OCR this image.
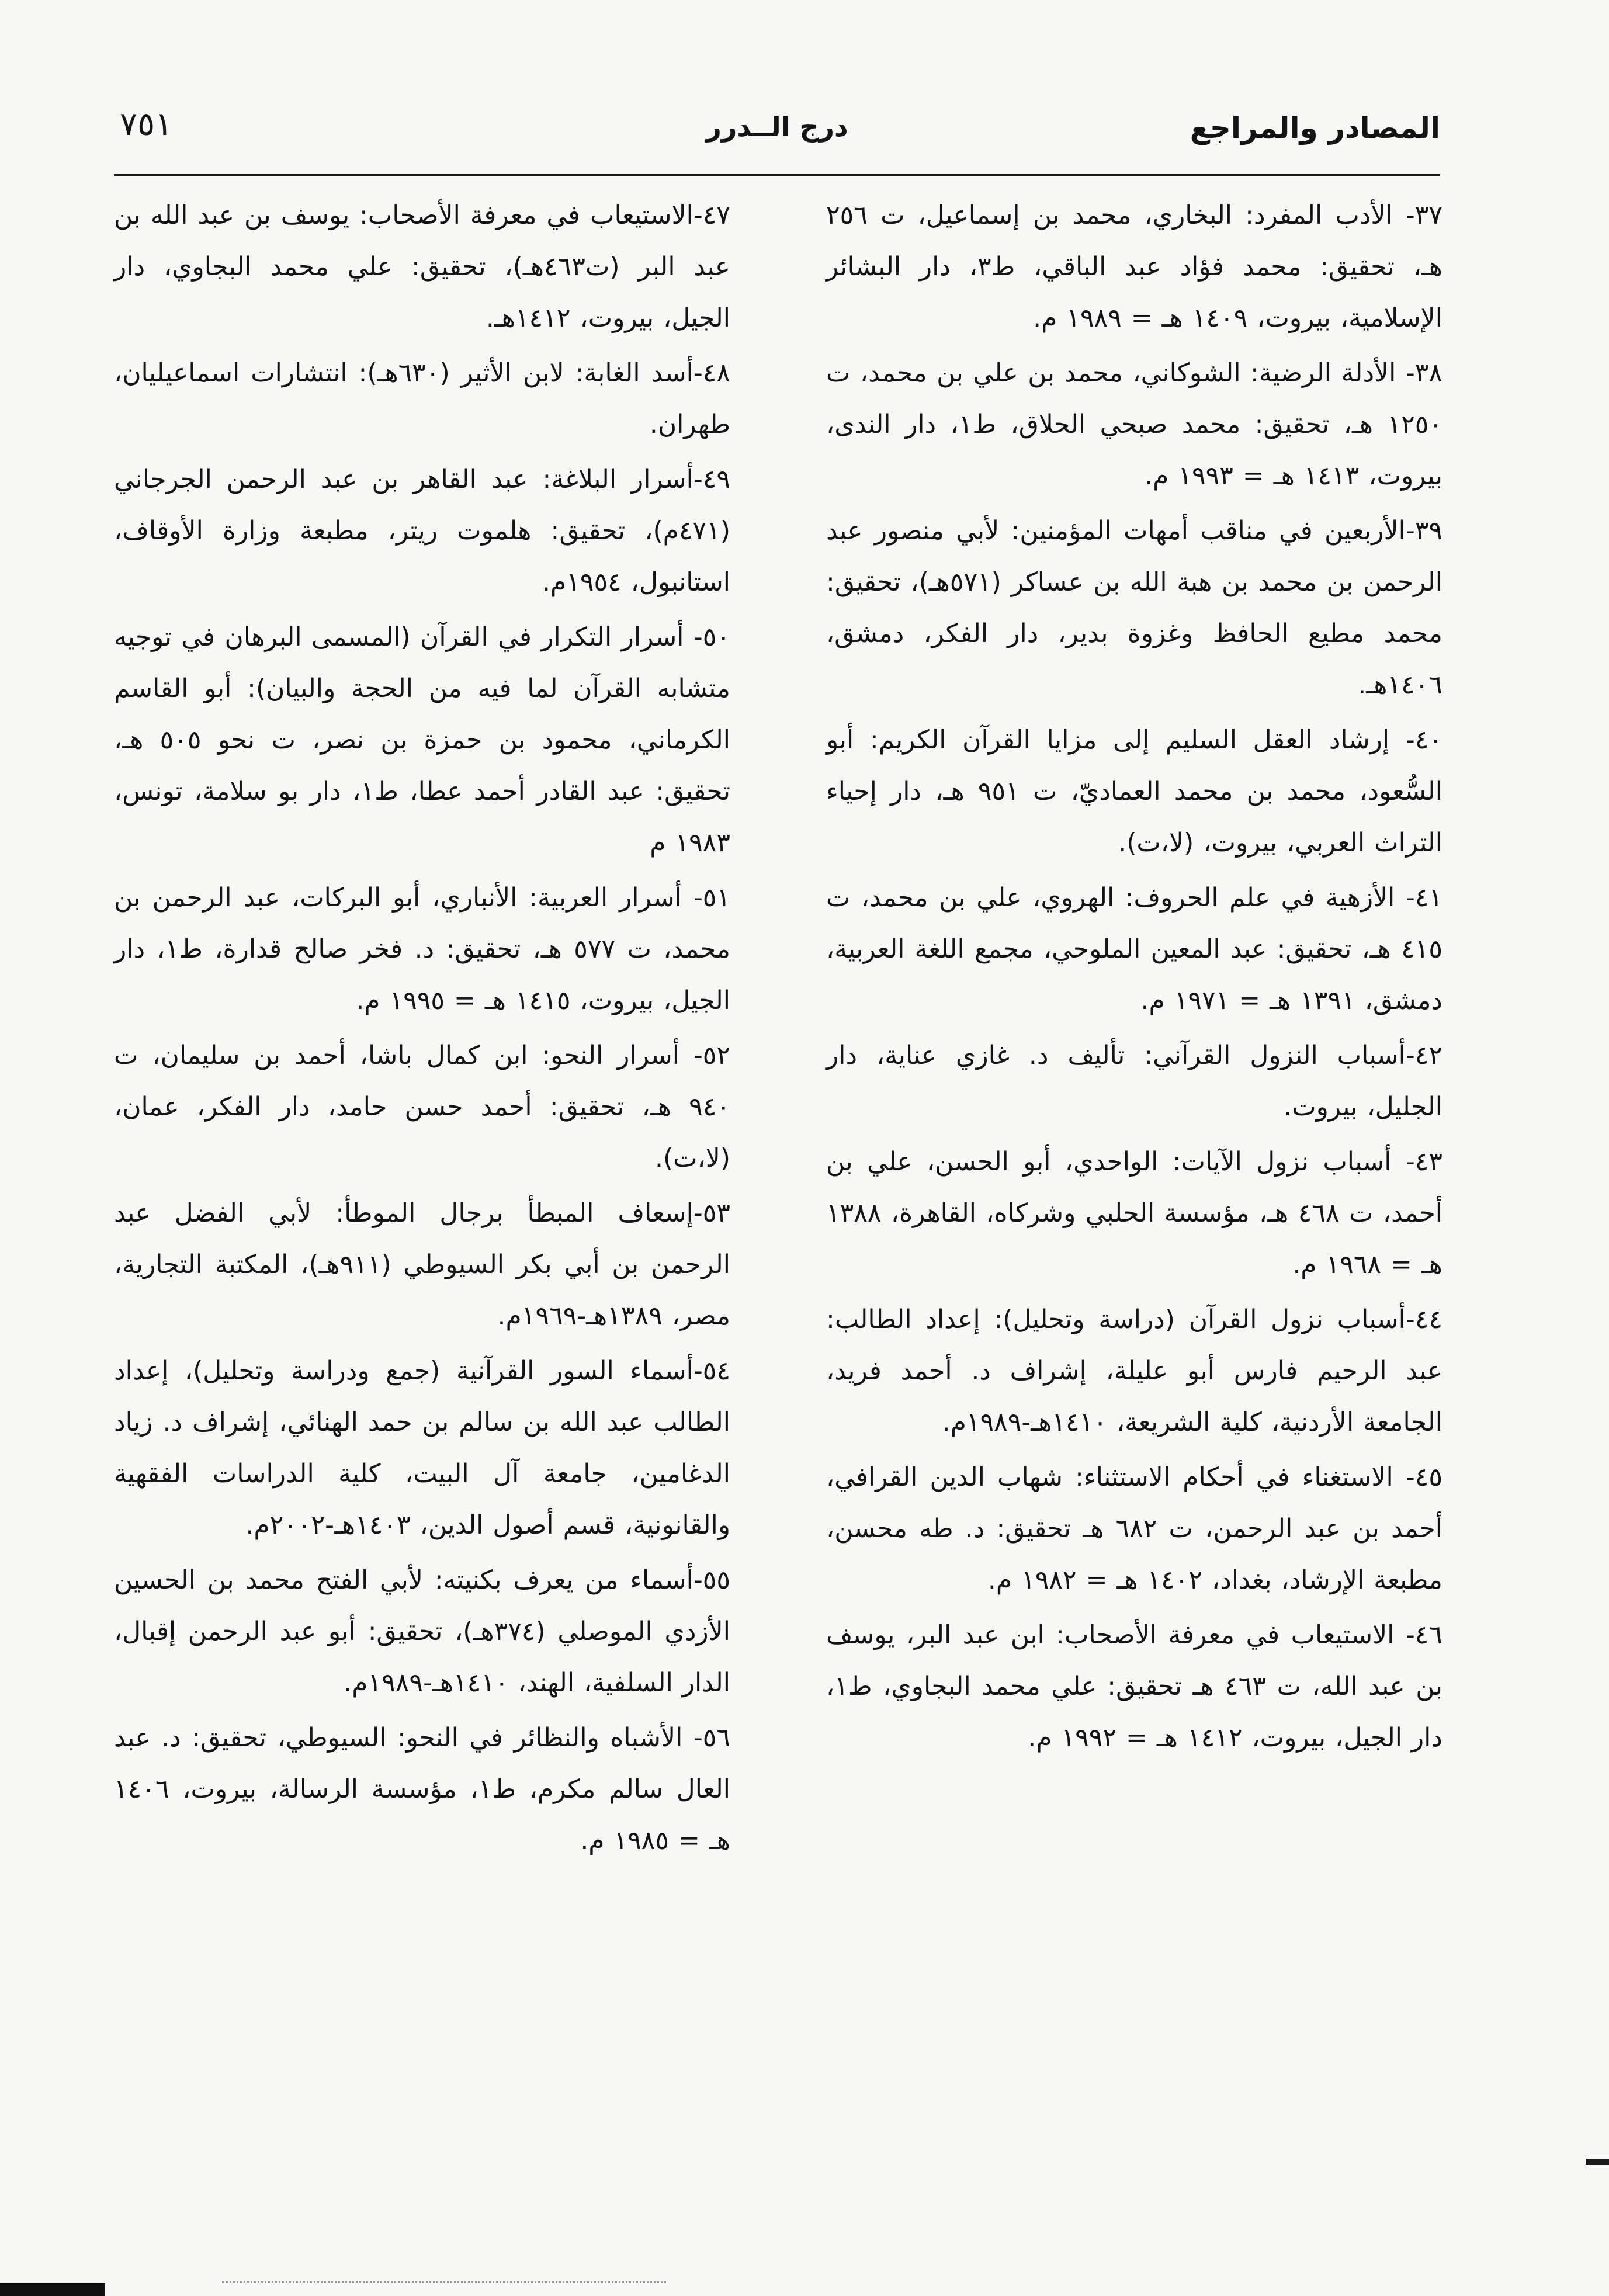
المصادر والمراجع
درج الــدرر
٧٥١

٣٧- الأدب المفرد: البخاري، محمد بن إسماعيل، ت ٢٥٦ هـ، تحقيق: محمد فؤاد عبد الباقي، ط٣، دار البشائر الإسلامية، بيروت، ١٤٠٩ هـ = ١٩٨٩ م.

٣٨- الأدلة الرضية: الشوكاني، محمد بن علي بن محمد، ت ١٢٥٠ هـ، تحقيق: محمد صبحي الحلاق، ط١، دار الندى، بيروت، ١٤١٣ هـ = ١٩٩٣ م.

٣٩-الأربعين في مناقب أمهات المؤمنين: لأبي منصور عبد الرحمن بن محمد بن هبة الله بن عساكر (٥٧١هـ)، تحقيق: محمد مطيع الحافظ وغزوة بدير، دار الفكر، دمشق، ١٤٠٦هـ.

٤٠- إرشاد العقل السليم إلى مزايا القرآن الكريم: أبو السُّعود، محمد بن محمد العماديّ، ت ٩٥١ هـ، دار إحياء التراث العربي، بيروت، (لا،ت).

٤١- الأزهية في علم الحروف: الهروي، علي بن محمد، ت ٤١٥ هـ، تحقيق: عبد المعين الملوحي، مجمع اللغة العربية، دمشق، ١٣٩١ هـ = ١٩٧١ م.

٤٢-أسباب النزول القرآني: تأليف د. غازي عناية، دار الجليل، بيروت.

٤٣- أسباب نزول الآيات: الواحدي، أبو الحسن، علي بن أحمد، ت ٤٦٨ هـ، مؤسسة الحلبي وشركاه، القاهرة، ١٣٨٨ هـ = ١٩٦٨ م.

٤٤-أسباب نزول القرآن (دراسة وتحليل): إعداد الطالب: عبد الرحيم فارس أبو عليلة، إشراف د. أحمد فريد، الجامعة الأردنية، كلية الشريعة، ١٤١٠هـ-١٩٨٩م.

٤٥- الاستغناء في أحكام الاستثناء: شهاب الدين القرافي، أحمد بن عبد الرحمن، ت ٦٨٢ هـ تحقيق: د. طه محسن، مطبعة الإرشاد، بغداد، ١٤٠٢ هـ = ١٩٨٢ م.

٤٦- الاستيعاب في معرفة الأصحاب: ابن عبد البر، يوسف بن عبد الله، ت ٤٦٣ هـ تحقيق: علي محمد البجاوي، ط١، دار الجيل، بيروت، ١٤١٢ هـ = ١٩٩٢ م.

٤٧-الاستيعاب في معرفة الأصحاب: يوسف بن عبد الله بن عبد البر (ت٤٦٣هـ)، تحقيق: علي محمد البجاوي، دار الجيل، بيروت، ١٤١٢هـ.

٤٨-أسد الغابة: لابن الأثير (٦٣٠هـ): انتشارات اسماعيليان، طهران.

٤٩-أسرار البلاغة: عبد القاهر بن عبد الرحمن الجرجاني (٤٧١م)، تحقيق: هلموت ريتر، مطبعة وزارة الأوقاف، استانبول، ١٩٥٤م.

٥٠- أسرار التكرار في القرآن (المسمى البرهان في توجيه متشابه القرآن لما فيه من الحجة والبيان): أبو القاسم الكرماني، محمود بن حمزة بن نصر، ت نحو ٥٠٥ هـ، تحقيق: عبد القادر أحمد عطا، ط١، دار بو سلامة، تونس، ١٩٨٣ م

٥١- أسرار العربية: الأنباري، أبو البركات، عبد الرحمن بن محمد، ت ٥٧٧ هـ، تحقيق: د. فخر صالح قدارة، ط١، دار الجيل، بيروت، ١٤١٥ هـ = ١٩٩٥ م.

٥٢- أسرار النحو: ابن كمال باشا، أحمد بن سليمان، ت ٩٤٠ هـ، تحقيق: أحمد حسن حامد، دار الفكر، عمان، (لا،ت).

٥٣-إسعاف المبطأ برجال الموطأ: لأبي الفضل عبد الرحمن بن أبي بكر السيوطي (٩١١هـ)، المكتبة التجارية، مصر، ١٣٨٩هـ-١٩٦٩م.

٥٤-أسماء السور القرآنية (جمع ودراسة وتحليل)، إعداد الطالب عبد الله بن سالم بن حمد الهنائي، إشراف د. زياد الدغامين، جامعة آل البيت، كلية الدراسات الفقهية والقانونية، قسم أصول الدين، ١٤٠٣هـ-٢٠٠٢م.

٥٥-أسماء من يعرف بكنيته: لأبي الفتح محمد بن الحسين الأزدي الموصلي (٣٧٤هـ)، تحقيق: أبو عبد الرحمن إقبال، الدار السلفية، الهند، ١٤١٠هـ-١٩٨٩م.

٥٦- الأشباه والنظائر في النحو: السيوطي، تحقيق: د. عبد العال سالم مكرم، ط١، مؤسسة الرسالة، بيروت، ١٤٠٦ هـ = ١٩٨٥ م.
